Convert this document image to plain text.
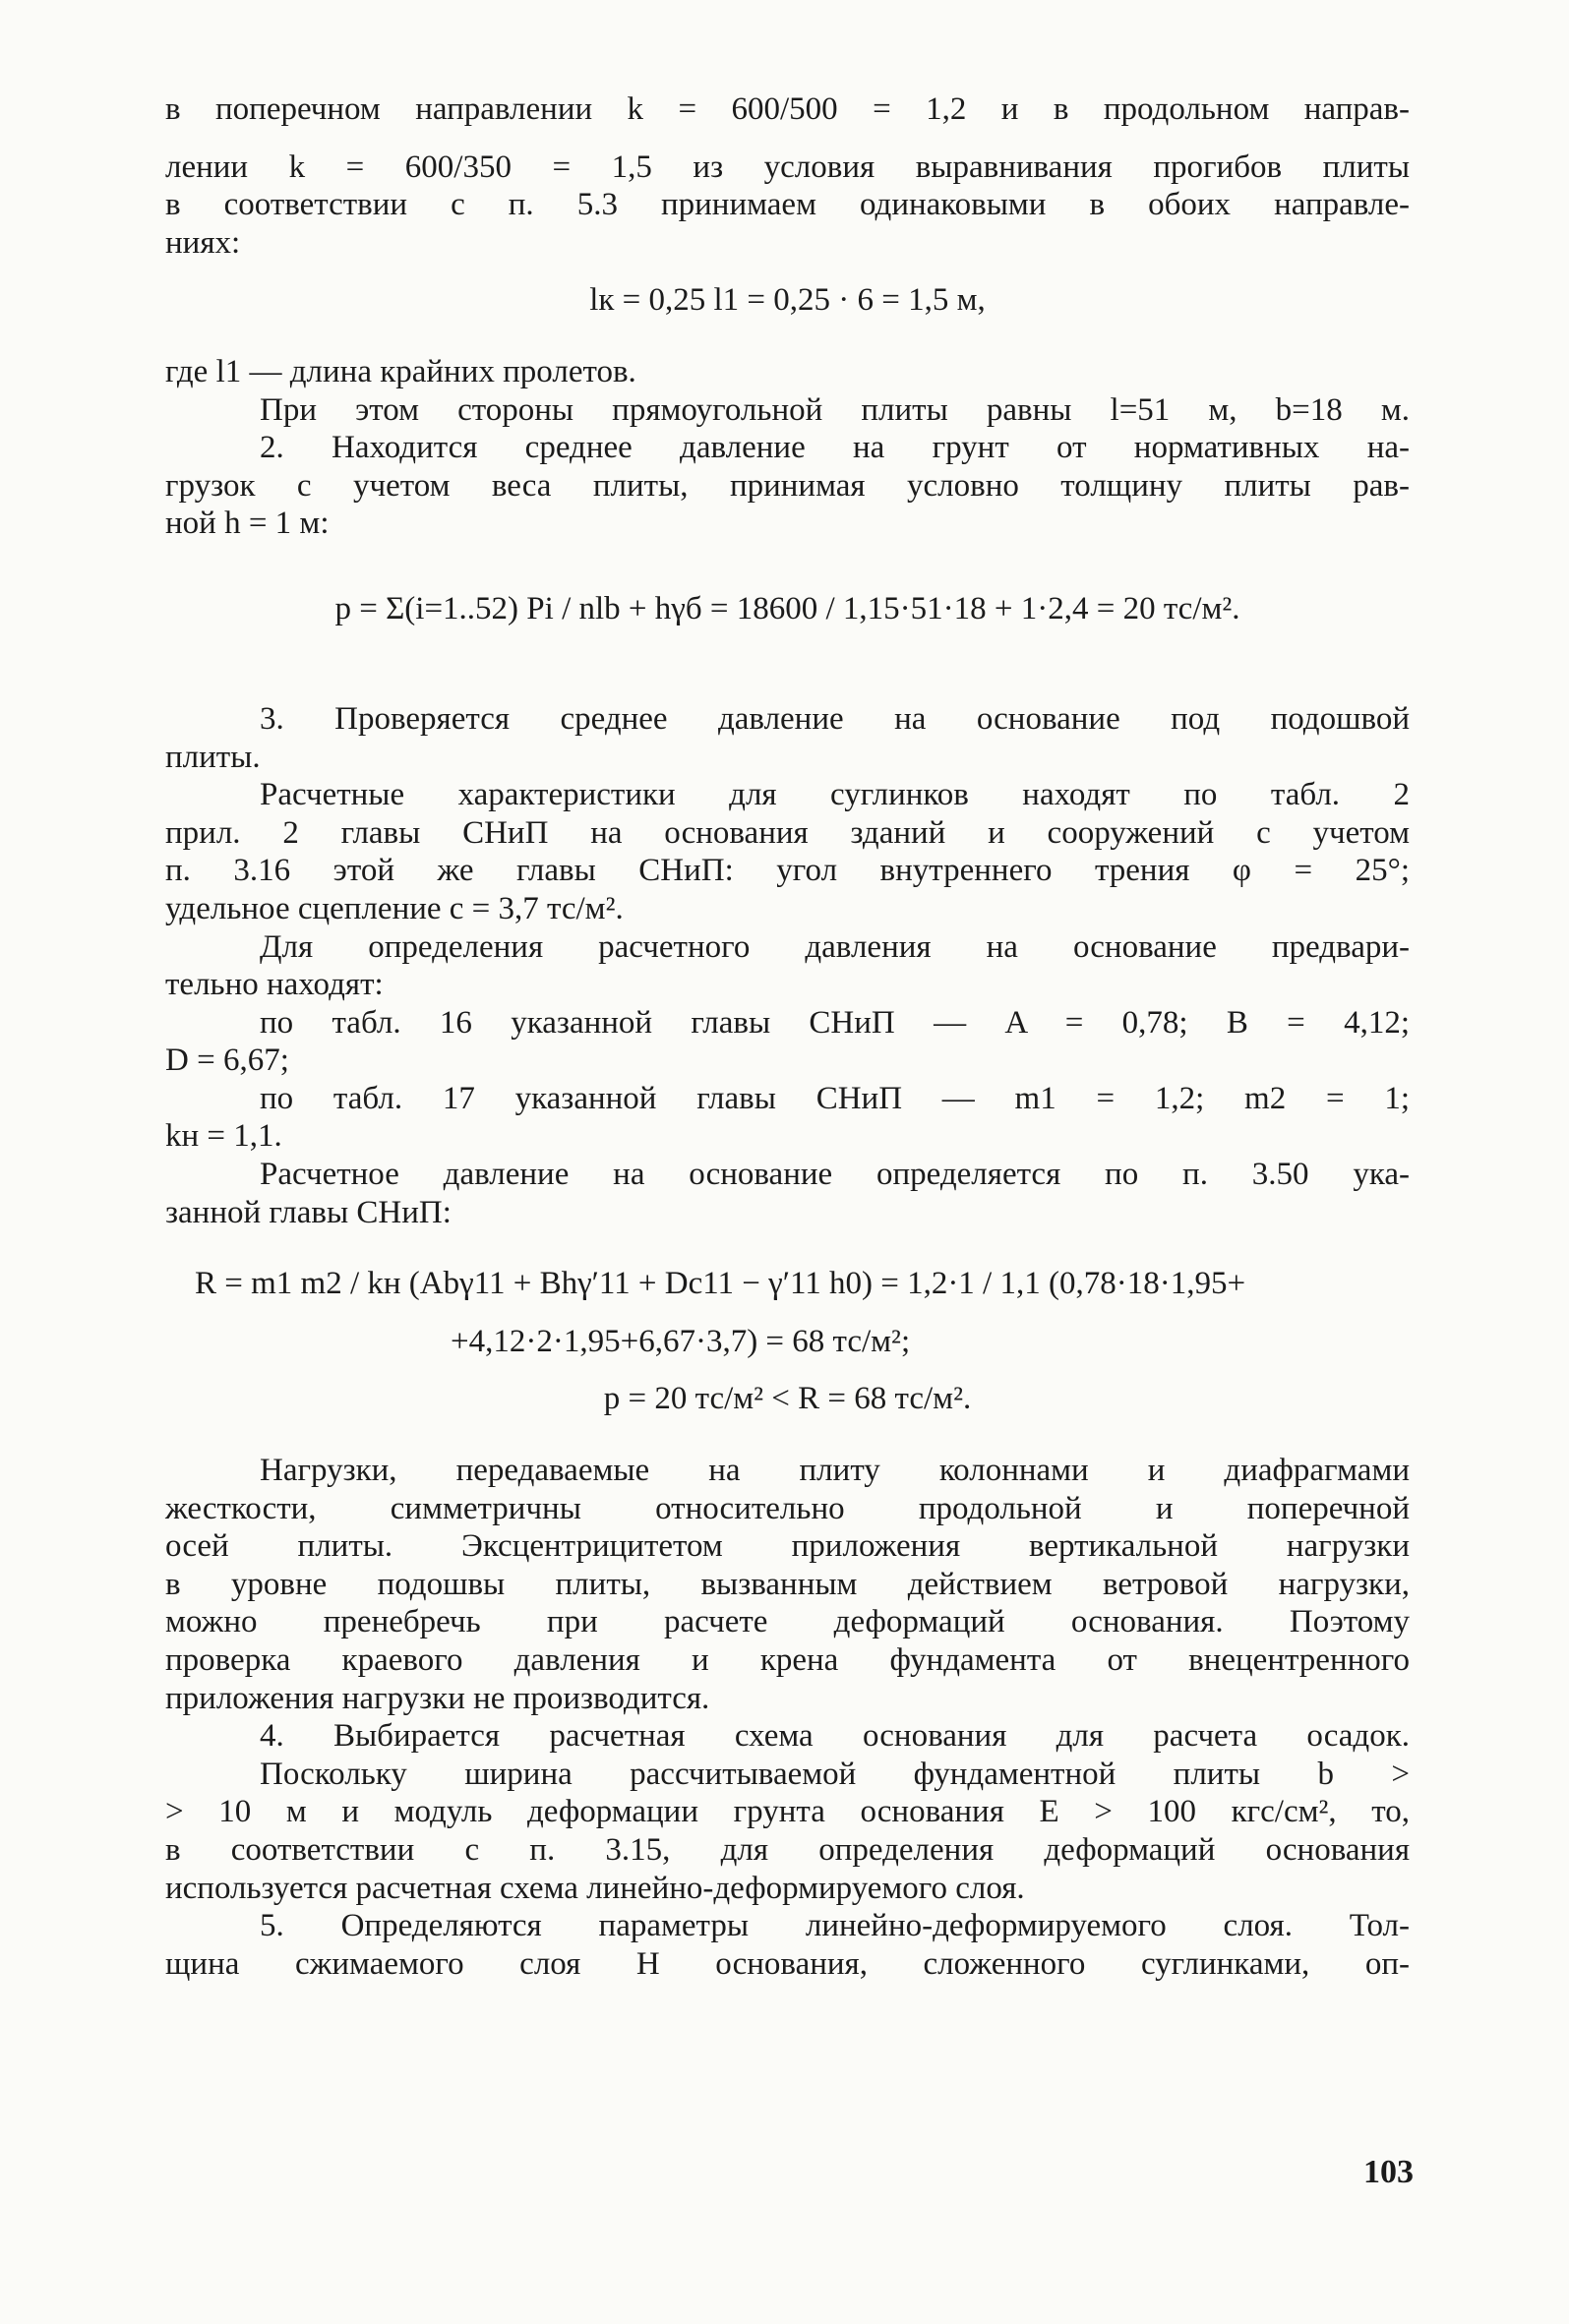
в поперечном направлении k = 600/500 = 1,2 и в продольном направ-
лении k = 600/350 = 1,5 из условия выравнивания прогибов плиты
в соответствии с п. 5.3 принимаем одинаковыми в обоих направле-
ниях:
lк = 0,25 l1 = 0,25 · 6 = 1,5 м,
где l1 — длина крайних пролетов.
При этом стороны прямоугольной плиты равны l=51 м, b=18 м.
2. Находится среднее давление на грунт от нормативных на-
грузок с учетом веса плиты, принимая условно толщину плиты рав-
ной h = 1 м:
p = Σ(i=1..52) Pi / nlb + hγб = 18600 / 1,15·51·18 + 1·2,4 = 20 тс/м².
3. Проверяется среднее давление на основание под подошвой
плиты.
Расчетные характеристики для суглинков находят по табл. 2
прил. 2 главы СНиП на основания зданий и сооружений с учетом
п. 3.16 этой же главы СНиП: угол внутреннего трения φ = 25°;
удельное сцепление c = 3,7 тс/м².
Для определения расчетного давления на основание предвари-
тельно находят:
по табл. 16 указанной главы СНиП — A = 0,78; B = 4,12;
D = 6,67;
по табл. 17 указанной главы СНиП — m1 = 1,2; m2 = 1;
kн = 1,1.
Расчетное давление на основание определяется по п. 3.50 ука-
занной главы СНиП:
R = m1 m2 / kн (Abγ11 + Bhγ′11 + Dc11 − γ′11 h0) = 1,2·1 / 1,1 (0,78·18·1,95+
+4,12·2·1,95+6,67·3,7) = 68 тс/м²;
p = 20 тс/м² < R = 68 тс/м².
Нагрузки, передаваемые на плиту колоннами и диафрагмами
жесткости, симметричны относительно продольной и поперечной
осей плиты. Эксцентрицитетом приложения вертикальной нагрузки
в уровне подошвы плиты, вызванным действием ветровой нагрузки,
можно пренебречь при расчете деформаций основания. Поэтому
проверка краевого давления и крена фундамента от внецентренного
приложения нагрузки не производится.
4. Выбирается расчетная схема основания для расчета осадок.
Поскольку ширина рассчитываемой фундаментной плиты b >
> 10 м и модуль деформации грунта основания E > 100 кгс/см², то,
в соответствии с п. 3.15, для определения деформаций основания
используется расчетная схема линейно-деформируемого слоя.
5. Определяются параметры линейно-деформируемого слоя. Тол-
щина сжимаемого слоя H основания, сложенного суглинками, оп-
103
